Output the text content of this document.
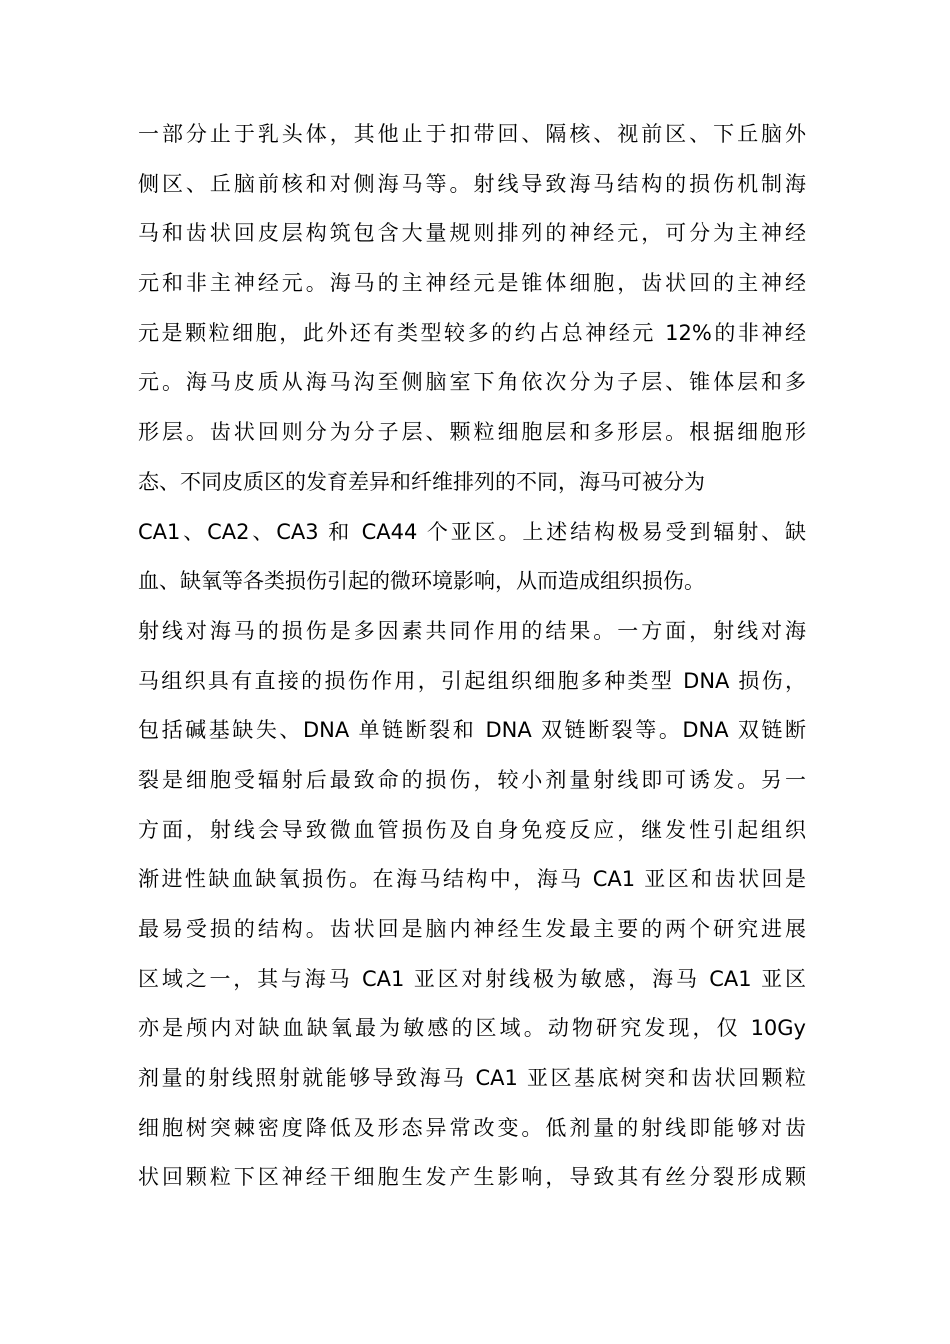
一部分止于乳头体，其他止于扣带回、隔核、视前区、下丘脑外
侧区、丘脑前核和对侧海马等。射线导致海马结构的损伤机制海
马和齿状回皮层构筑包含大量规则排列的神经元，可分为主神经
元和非主神经元。海马的主神经元是锥体细胞，齿状回的主神经
元是颗粒细胞，此外还有类型较多的约占总神经元 12%的非神经
元。海马皮质从海马沟至侧脑室下角依次分为子层、锥体层和多
形层。齿状回则分为分子层、颗粒细胞层和多形层。根据细胞形
态、不同皮质区的发育差异和纤维排列的不同，海马可被分为
CA1、CA2、CA3 和 CA44 个亚区。上述结构极易受到辐射、缺
血、缺氧等各类损伤引起的微环境影响，从而造成组织损伤。
射线对海马的损伤是多因素共同作用的结果。一方面，射线对海
马组织具有直接的损伤作用，引起组织细胞多种类型 DNA 损伤，
包括碱基缺失、DNA 单链断裂和 DNA 双链断裂等。DNA 双链断
裂是细胞受辐射后最致命的损伤，较小剂量射线即可诱发。另一
方面，射线会导致微血管损伤及自身免疫反应，继发性引起组织
渐进性缺血缺氧损伤。在海马结构中，海马 CA1 亚区和齿状回是
最易受损的结构。齿状回是脑内神经生发最主要的两个研究进展
区域之一，其与海马 CA1 亚区对射线极为敏感，海马 CA1 亚区
亦是颅内对缺血缺氧最为敏感的区域。动物研究发现，仅 10Gy
剂量的射线照射就能够导致海马 CA1 亚区基底树突和齿状回颗粒
细胞树突棘密度降低及形态异常改变。低剂量的射线即能够对齿
状回颗粒下区神经干细胞生发产生影响，导致其有丝分裂形成颗
